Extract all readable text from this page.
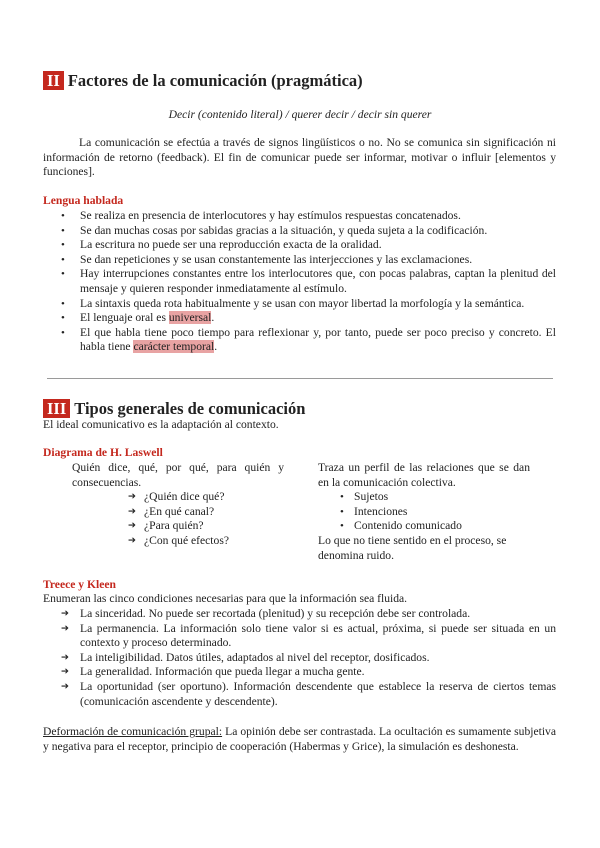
II Factores de la comunicación (pragmática)
Decir (contenido literal) / querer decir / decir sin querer
La comunicación se efectúa a través de signos lingüísticos o no. No se comunica sin significación ni información de retorno (feedback). El fin de comunicar puede ser informar, motivar o influir [elementos y funciones].
Lengua hablada
• Se realiza en presencia de interlocutores y hay estímulos respuestas concatenados.
• Se dan muchas cosas por sabidas gracias a la situación, y queda sujeta a la codificación.
• La escritura no puede ser una reproducción exacta de la oralidad.
• Se dan repeticiones y se usan constantemente las interjecciones y las exclamaciones.
• Hay interrupciones constantes entre los interlocutores que, con pocas palabras, captan la plenitud del mensaje y quieren responder inmediatamente al estímulo.
• La sintaxis queda rota habitualmente y se usan con mayor libertad la morfología y la semántica.
• El lenguaje oral es universal.
• El que habla tiene poco tiempo para reflexionar y, por tanto, puede ser poco preciso y concreto. El habla tiene carácter temporal.
III Tipos generales de comunicación
El ideal comunicativo es la adaptación al contexto.
Diagrama de H. Laswell
Quién dice, qué, por qué, para quién y consecuencias.
➔ ¿Quién dice qué?
➔ ¿En qué canal?
➔ ¿Para quién?
➔ ¿Con qué efectos?
Traza un perfil de las relaciones que se dan en la comunicación colectiva.
• Sujetos
• Intenciones
• Contenido comunicado
Lo que no tiene sentido en el proceso, se denomina ruido.
Treece y Kleen
Enumeran las cinco condiciones necesarias para que la información sea fluida.
➔ La sinceridad. No puede ser recortada (plenitud) y su recepción debe ser controlada.
➔ La permanencia. La información solo tiene valor si es actual, próxima, si puede ser situada en un contexto y proceso determinado.
➔ La inteligibilidad. Datos útiles, adaptados al nivel del receptor, dosificados.
➔ La generalidad. Información que pueda llegar a mucha gente.
➔ La oportunidad (ser oportuno). Información descendente que establece la reserva de ciertos temas (comunicación ascendente y descendente).
Deformación de comunicación grupal: La opinión debe ser contrastada. La ocultación es sumamente subjetiva y negativa para el receptor, principio de cooperación (Habermas y Grice), la simulación es deshonesta.
